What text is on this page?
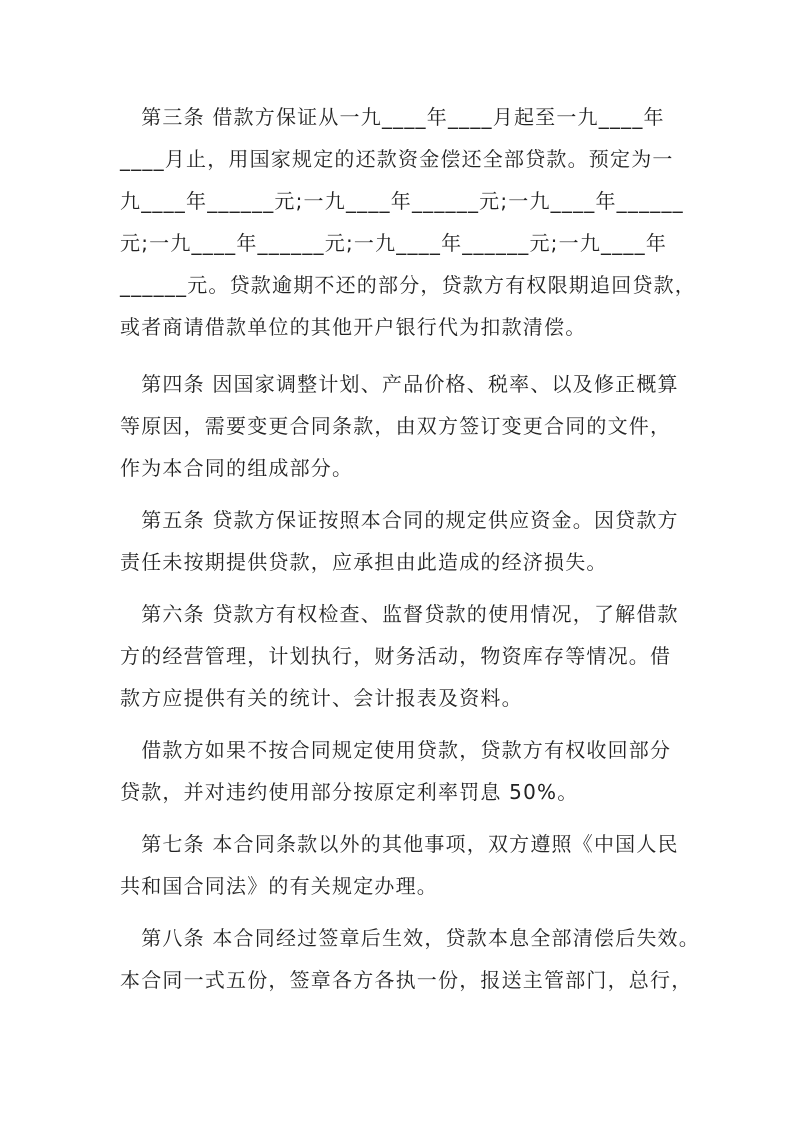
　第三条 借款方保证从一九____年____月起至一九____年
____月止，用国家规定的还款资金偿还全部贷款。预定为一
九____年______元;一九____年______元;一九____年______
元;一九____年______元;一九____年______元;一九____年
______元。贷款逾期不还的部分，贷款方有权限期追回贷款，
或者商请借款单位的其他开户银行代为扣款清偿。
　第四条 因国家调整计划、产品价格、税率、以及修正概算
等原因，需要变更合同条款，由双方签订变更合同的文件，
作为本合同的组成部分。
　第五条 贷款方保证按照本合同的规定供应资金。因贷款方
责任未按期提供贷款，应承担由此造成的经济损失。
　第六条 贷款方有权检查、监督贷款的使用情况，了解借款
方的经营管理，计划执行，财务活动，物资库存等情况。借
款方应提供有关的统计、会计报表及资料。
　借款方如果不按合同规定使用贷款，贷款方有权收回部分
贷款，并对违约使用部分按原定利率罚息 50%。
　第七条 本合同条款以外的其他事项，双方遵照《中国人民
共和国合同法》的有关规定办理。
　第八条 本合同经过签章后生效，贷款本息全部清偿后失效。
本合同一式五份，签章各方各执一份，报送主管部门，总行，
